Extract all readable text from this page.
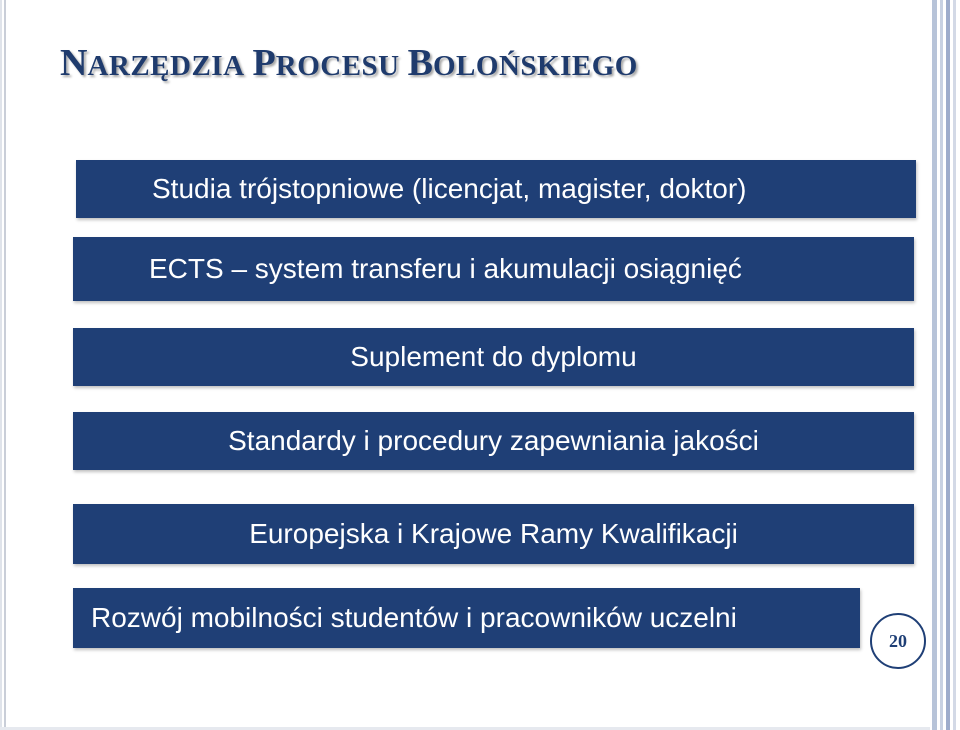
NARZĘDZIA PROCESU BOLOŃSKIEGO
Studia trójstopniowe (licencjat, magister, doktor)
ECTS – system transferu i akumulacji osiągnięć
Suplement do dyplomu
Standardy i procedury zapewniania jakości
Europejska i Krajowe Ramy Kwalifikacji
Rozwój mobilności studentów i pracowników uczelni
20
